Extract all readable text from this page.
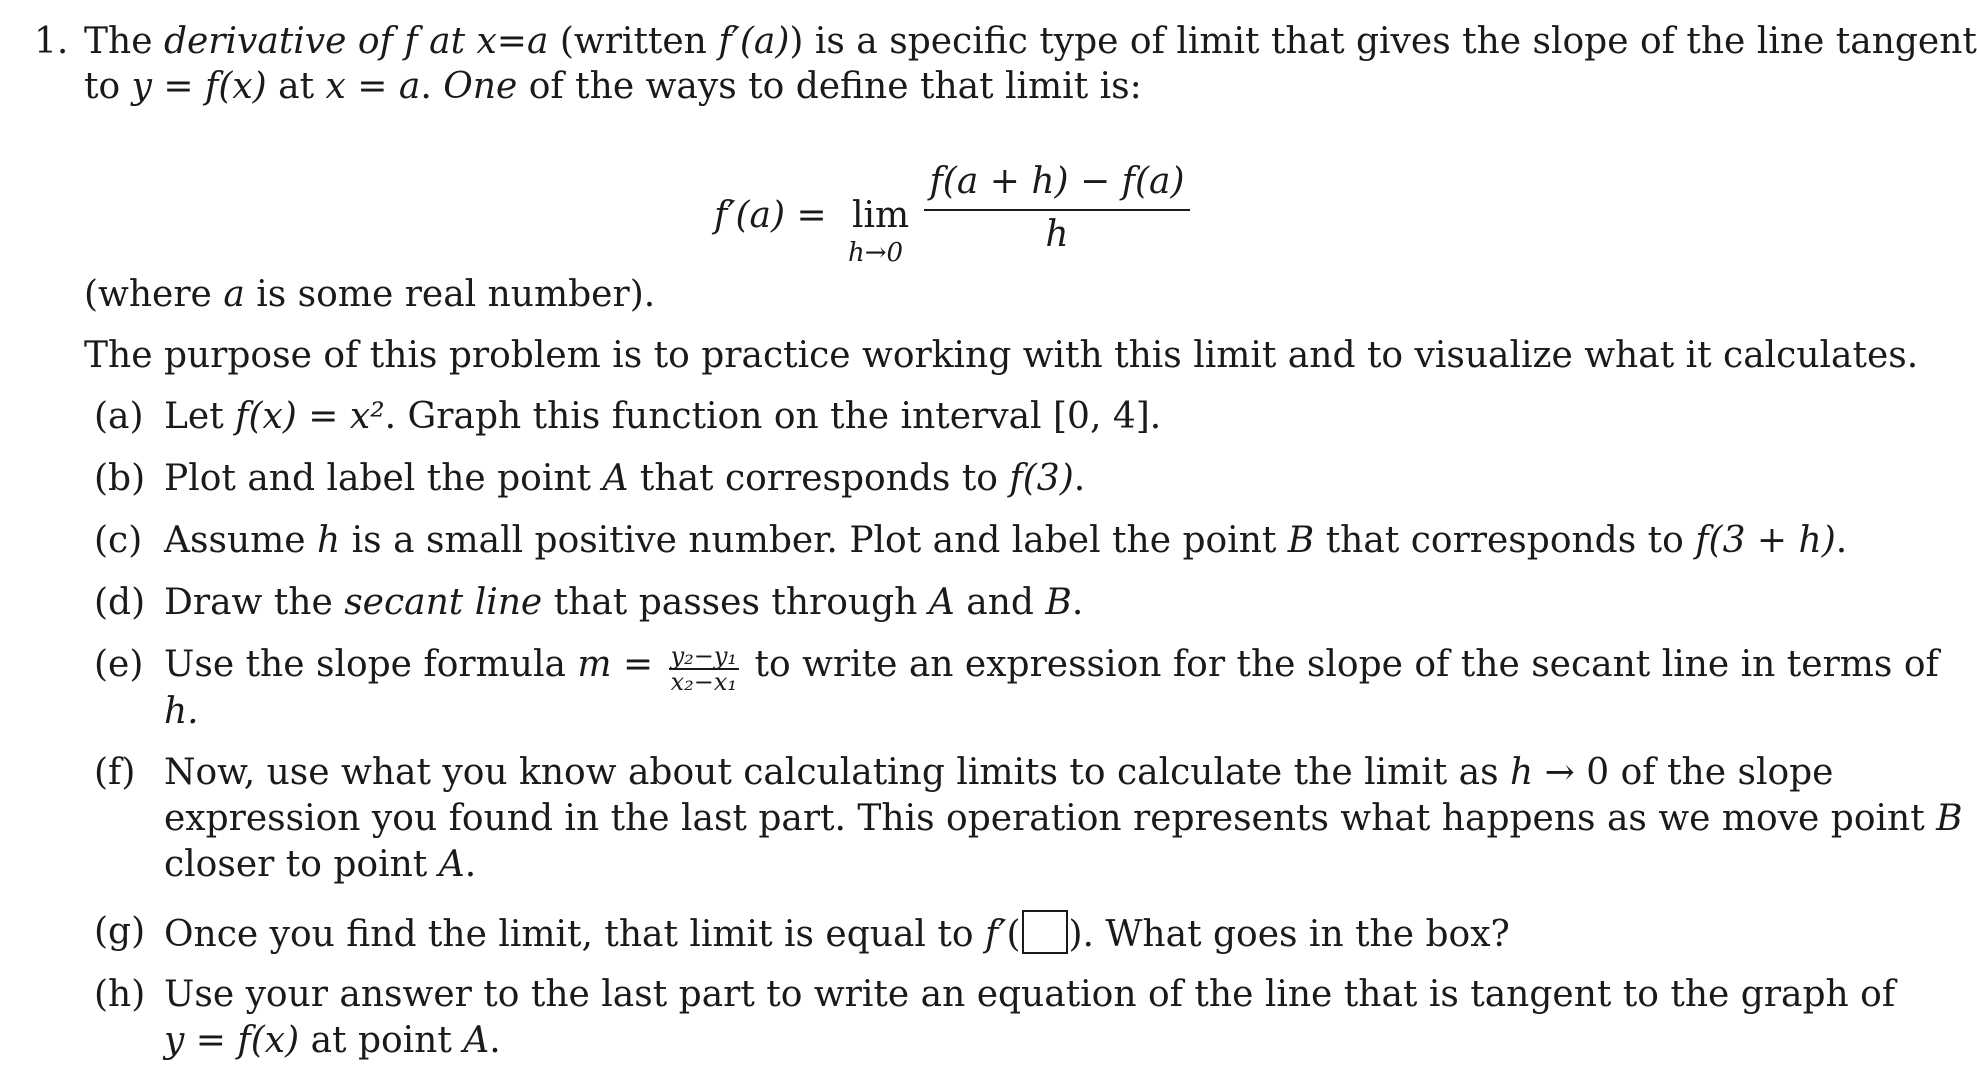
1. The derivative of f at x=a (written f′(a)) is a specific type of limit that gives the slope of the line tangent
to y = f(x) at x = a. One of the ways to define that limit is:
f′(a) = lim
h→0
f(a + h) − f(a)
h
(where a is some real number).
The purpose of this problem is to practice working with this limit and to visualize what it calculates.
(a) Let f(x) = x². Graph this function on the interval [0, 4].
(b) Plot and label the point A that corresponds to f(3).
(c) Assume h is a small positive number. Plot and label the point B that corresponds to f(3 + h).
(d) Draw the secant line that passes through A and B.
(e) Use the slope formula $m = \frac{\text{y₂−y₁}}{\text{x₂−x₁}}$ to write an expression for the slope of the secant line in terms of
h.
(f) Now, use what you know about calculating limits to calculate the limit as h → 0 of the slope
expression you found in the last part. This operation represents what happens as we move point B
closer to point A.
(g) Once you find the limit, that limit is equal to f′( ). What goes in the box?
(h) Use your answer to the last part to write an equation of the line that is tangent to the graph of
y = f(x) at point A.
